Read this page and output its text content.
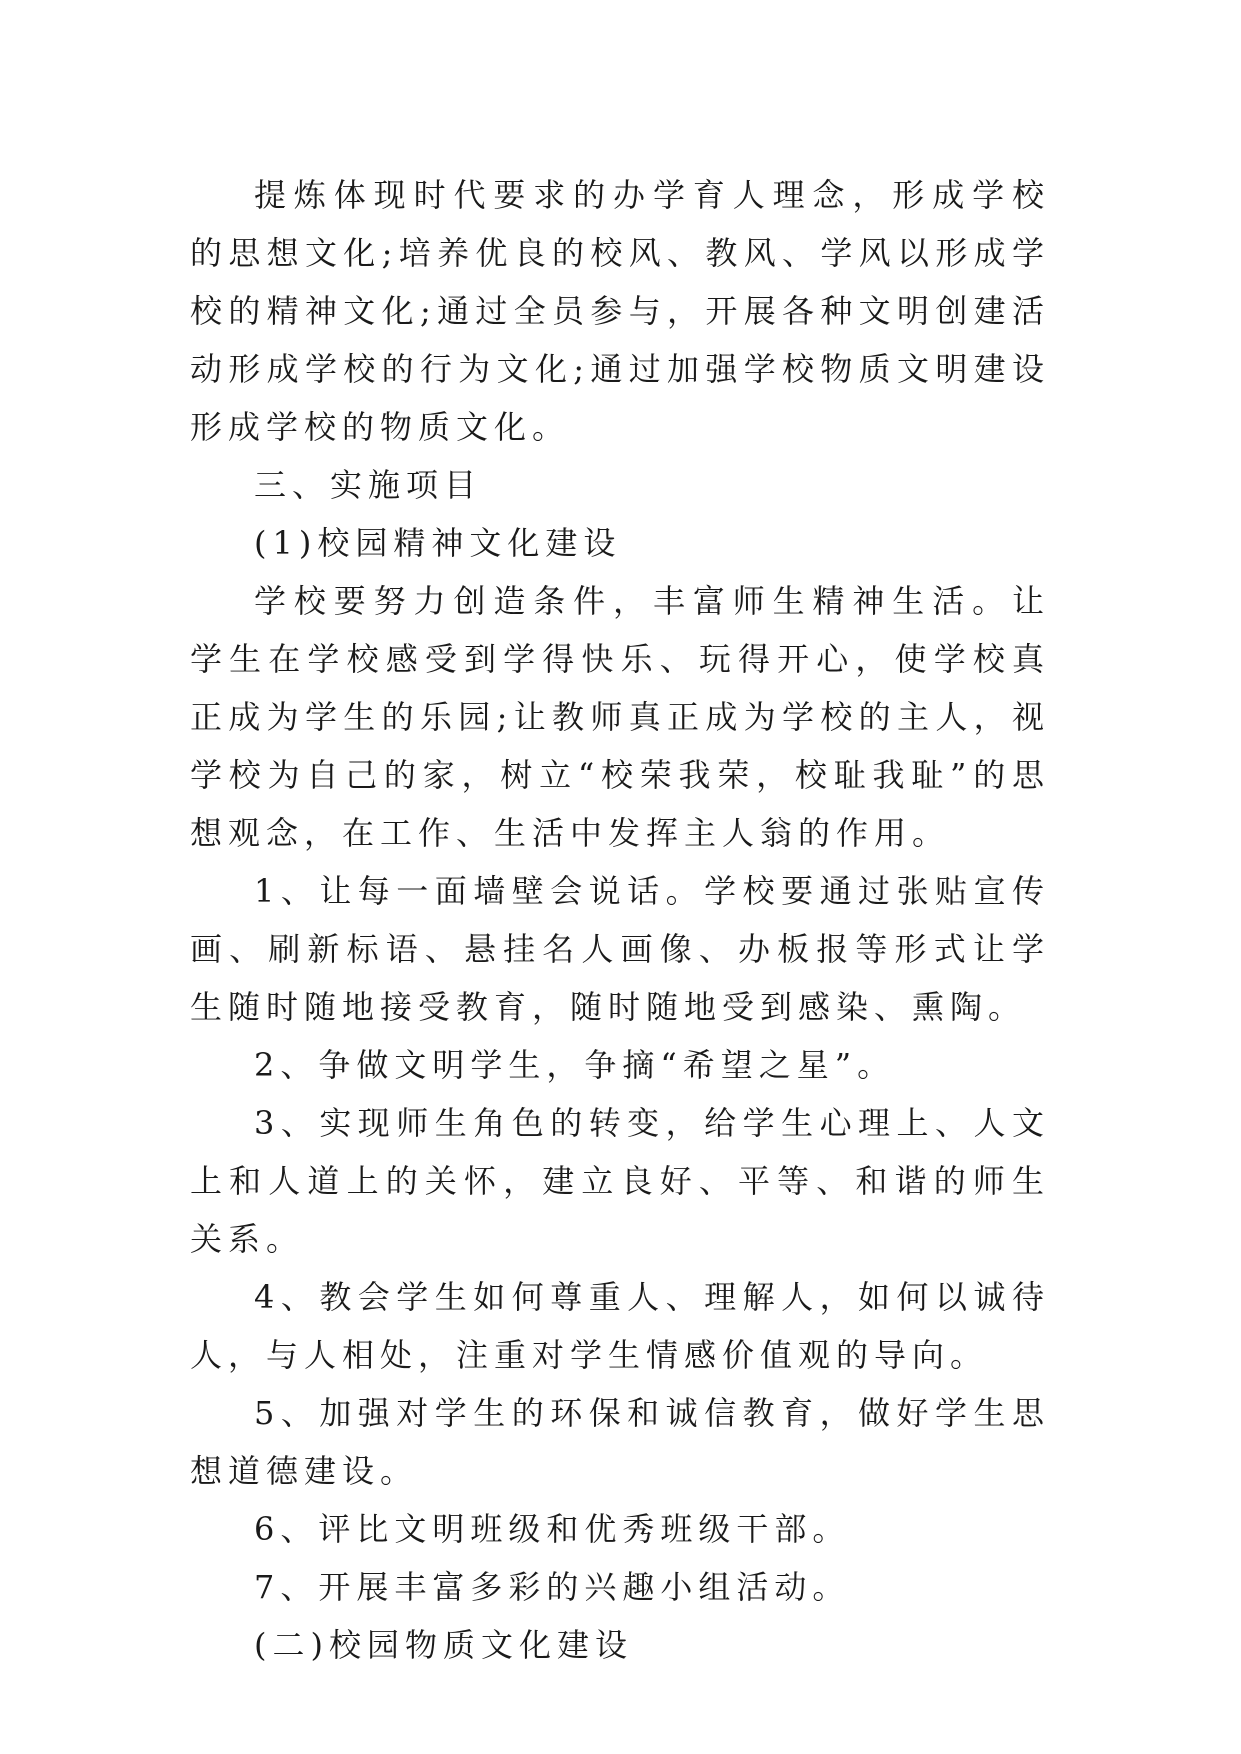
提炼体现时代要求的办学育人理念，形成学校的思想文化;培养优良的校风、教风、学风以形成学校的精神文化;通过全员参与，开展各种文明创建活动形成学校的行为文化;通过加强学校物质文明建设形成学校的物质文化。

三、实施项目

(1)校园精神文化建设

学校要努力创造条件，丰富师生精神生活。让学生在学校感受到学得快乐、玩得开心，使学校真正成为学生的乐园;让教师真正成为学校的主人，视学校为自己的家，树立“校荣我荣，校耻我耻”的思想观念，在工作、生活中发挥主人翁的作用。

1、让每一面墙壁会说话。学校要通过张贴宣传画、刷新标语、悬挂名人画像、办板报等形式让学生随时随地接受教育，随时随地受到感染、熏陶。

2、争做文明学生，争摘“希望之星”。

3、实现师生角色的转变，给学生心理上、人文上和人道上的关怀，建立良好、平等、和谐的师生关系。

4、教会学生如何尊重人、理解人，如何以诚待人，与人相处，注重对学生情感价值观的导向。

5、加强对学生的环保和诚信教育，做好学生思想道德建设。

6、评比文明班级和优秀班级干部。

7、开展丰富多彩的兴趣小组活动。

(二)校园物质文化建设
